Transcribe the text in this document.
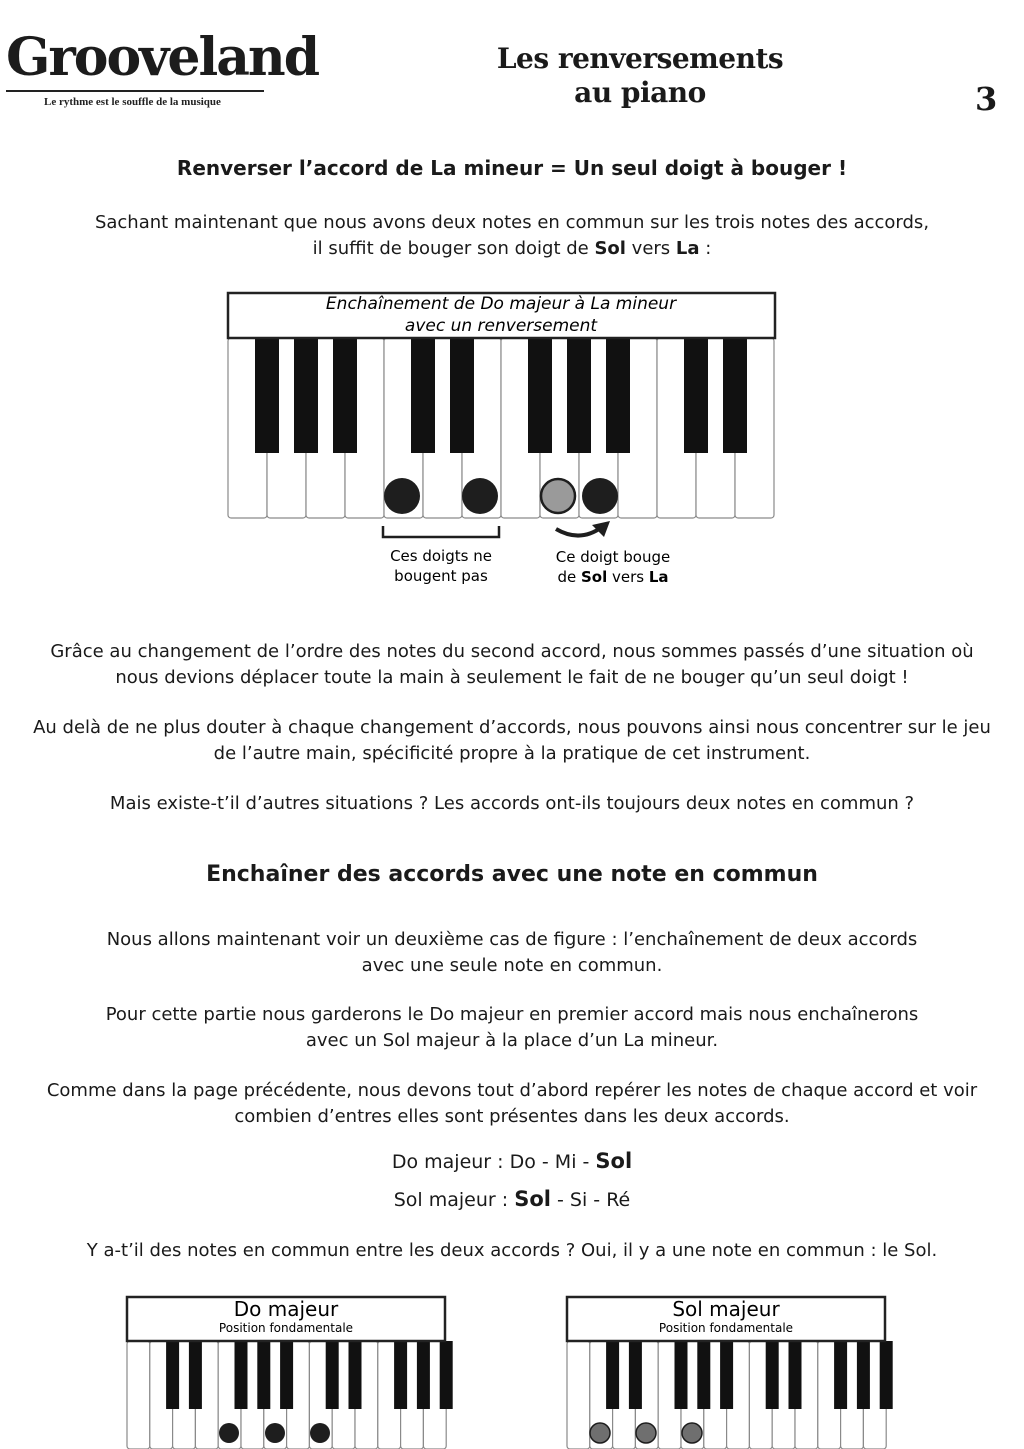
Grooveland
Le rythme est le souffle de la musique
Les renversements
au piano	3
Renverser l’accord de La mineur = Un seul doigt à bouger !
Sachant maintenant que nous avons deux notes en commun sur les trois notes des accords,
il suffit de bouger son doigt de Sol vers La :
Enchaînement de Do majeur à La mineur
avec un renversement
Ces doigts ne
bougent pas
Ce doigt bouge
de Sol vers La
Grâce au changement de l’ordre des notes du second accord, nous sommes passés d’une situation où
nous devions déplacer toute la main à seulement le fait de ne bouger qu’un seul doigt !
Au delà de ne plus douter à chaque changement d’accords, nous pouvons ainsi nous concentrer sur le jeu
de l’autre main, spécificité propre à la pratique de cet instrument.
Mais existe-t’il d’autres situations ? Les accords ont-ils toujours deux notes en commun ?
Enchaîner des accords avec une note en commun
Nous allons maintenant voir un deuxième cas de figure : l’enchaînement de deux accords
avec une seule note en commun.
Pour cette partie nous garderons le Do majeur en premier accord mais nous enchaînerons
avec un Sol majeur à la place d’un La mineur.
Comme dans la page précédente, nous devons tout d’abord repérer les notes de chaque accord et voir
combien d’entres elles sont présentes dans les deux accords.
Do majeur : Do - Mi - Sol
Sol majeur : Sol - Si - Ré
Y a-t’il des notes en commun entre les deux accords ? Oui, il y a une note en commun : le Sol.
Do majeur
Position fondamentale
Sol majeur
Position fondamentale
